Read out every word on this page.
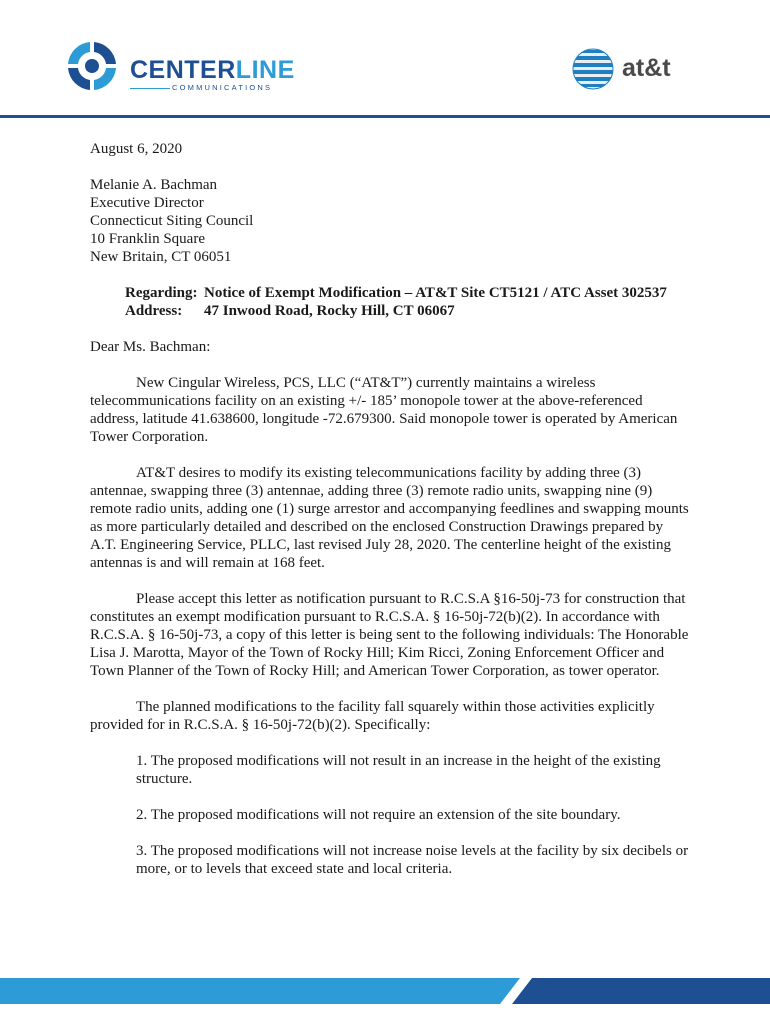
CENTERLINE
COMMUNICATIONS
at&t

August 6, 2020

Melanie A. Bachman
Executive Director
Connecticut Siting Council
10 Franklin Square
New Britain, CT 06051

Regarding: Notice of Exempt Modification – AT&T Site CT5121 / ATC Asset 302537
Address:	47 Inwood Road, Rocky Hill, CT 06067

Dear Ms. Bachman:

New Cingular Wireless, PCS, LLC (“AT&T”) currently maintains a wireless telecommunications facility on an existing +/- 185’ monopole tower at the above-referenced address, latitude 41.638600, longitude -72.679300. Said monopole tower is operated by American Tower Corporation.

AT&T desires to modify its existing telecommunications facility by adding three (3) antennae, swapping three (3) antennae, adding three (3) remote radio units, swapping nine (9) remote radio units, adding one (1) surge arrestor and accompanying feedlines and swapping mounts as more particularly detailed and described on the enclosed Construction Drawings prepared by A.T. Engineering Service, PLLC, last revised July 28, 2020. The centerline height of the existing antennas is and will remain at 168 feet.

Please accept this letter as notification pursuant to R.C.S.A §16-50j-73 for construction that constitutes an exempt modification pursuant to R.C.S.A. § 16-50j-72(b)(2). In accordance with R.C.S.A. § 16-50j-73, a copy of this letter is being sent to the following individuals: The Honorable Lisa J. Marotta, Mayor of the Town of Rocky Hill; Kim Ricci, Zoning Enforcement Officer and Town Planner of the Town of Rocky Hill; and American Tower Corporation, as tower operator.

The planned modifications to the facility fall squarely within those activities explicitly provided for in R.C.S.A. § 16-50j-72(b)(2). Specifically:

1. The proposed modifications will not result in an increase in the height of the existing structure.

2. The proposed modifications will not require an extension of the site boundary.

3. The proposed modifications will not increase noise levels at the facility by six decibels or more, or to levels that exceed state and local criteria.
